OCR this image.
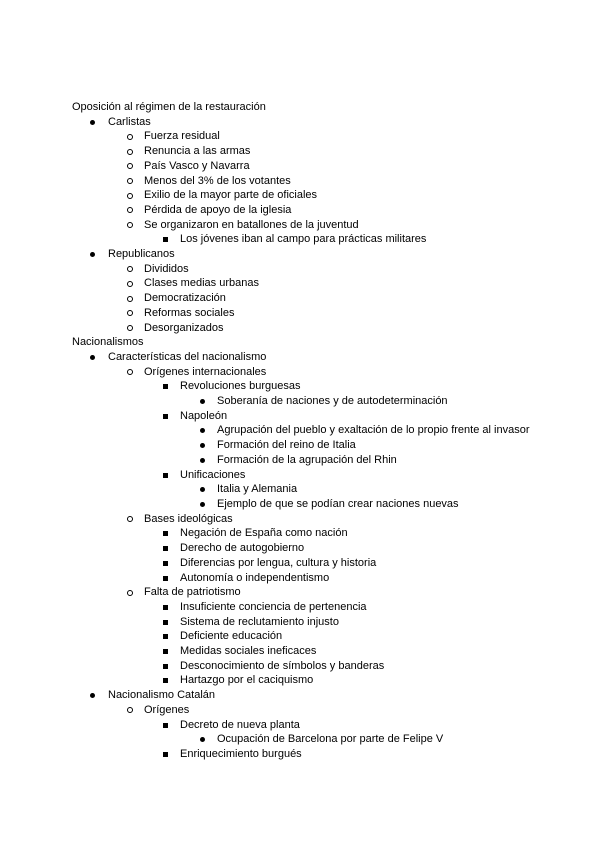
Oposición al régimen de la restauración
Carlistas
Fuerza residual
Renuncia a las armas
País Vasco y Navarra
Menos del 3% de los votantes
Exilio de la mayor parte de oficiales
Pérdida de apoyo de la iglesia
Se organizaron en batallones de la juventud
Los jóvenes iban al campo para prácticas militares
Republicanos
Divididos
Clases medias urbanas
Democratización
Reformas sociales
Desorganizados
Nacionalismos
Características del nacionalismo
Orígenes internacionales
Revoluciones burguesas
Soberanía de naciones y de autodeterminación
Napoleón
Agrupación del pueblo y exaltación de lo propio frente al invasor
Formación del reino de Italia
Formación de la agrupación del Rhin
Unificaciones
Italia y Alemania
Ejemplo de que se podían crear naciones nuevas
Bases ideológicas
Negación de España como nación
Derecho de autogobierno
Diferencias por lengua, cultura y historia
Autonomía o independentismo
Falta de patriotismo
Insuficiente conciencia de pertenencia
Sistema de reclutamiento injusto
Deficiente educación
Medidas sociales ineficaces
Desconocimiento de símbolos y banderas
Hartazgo por el caciquismo
Nacionalismo Catalán
Orígenes
Decreto de nueva planta
Ocupación de Barcelona por parte de Felipe V
Enriquecimiento burgués
